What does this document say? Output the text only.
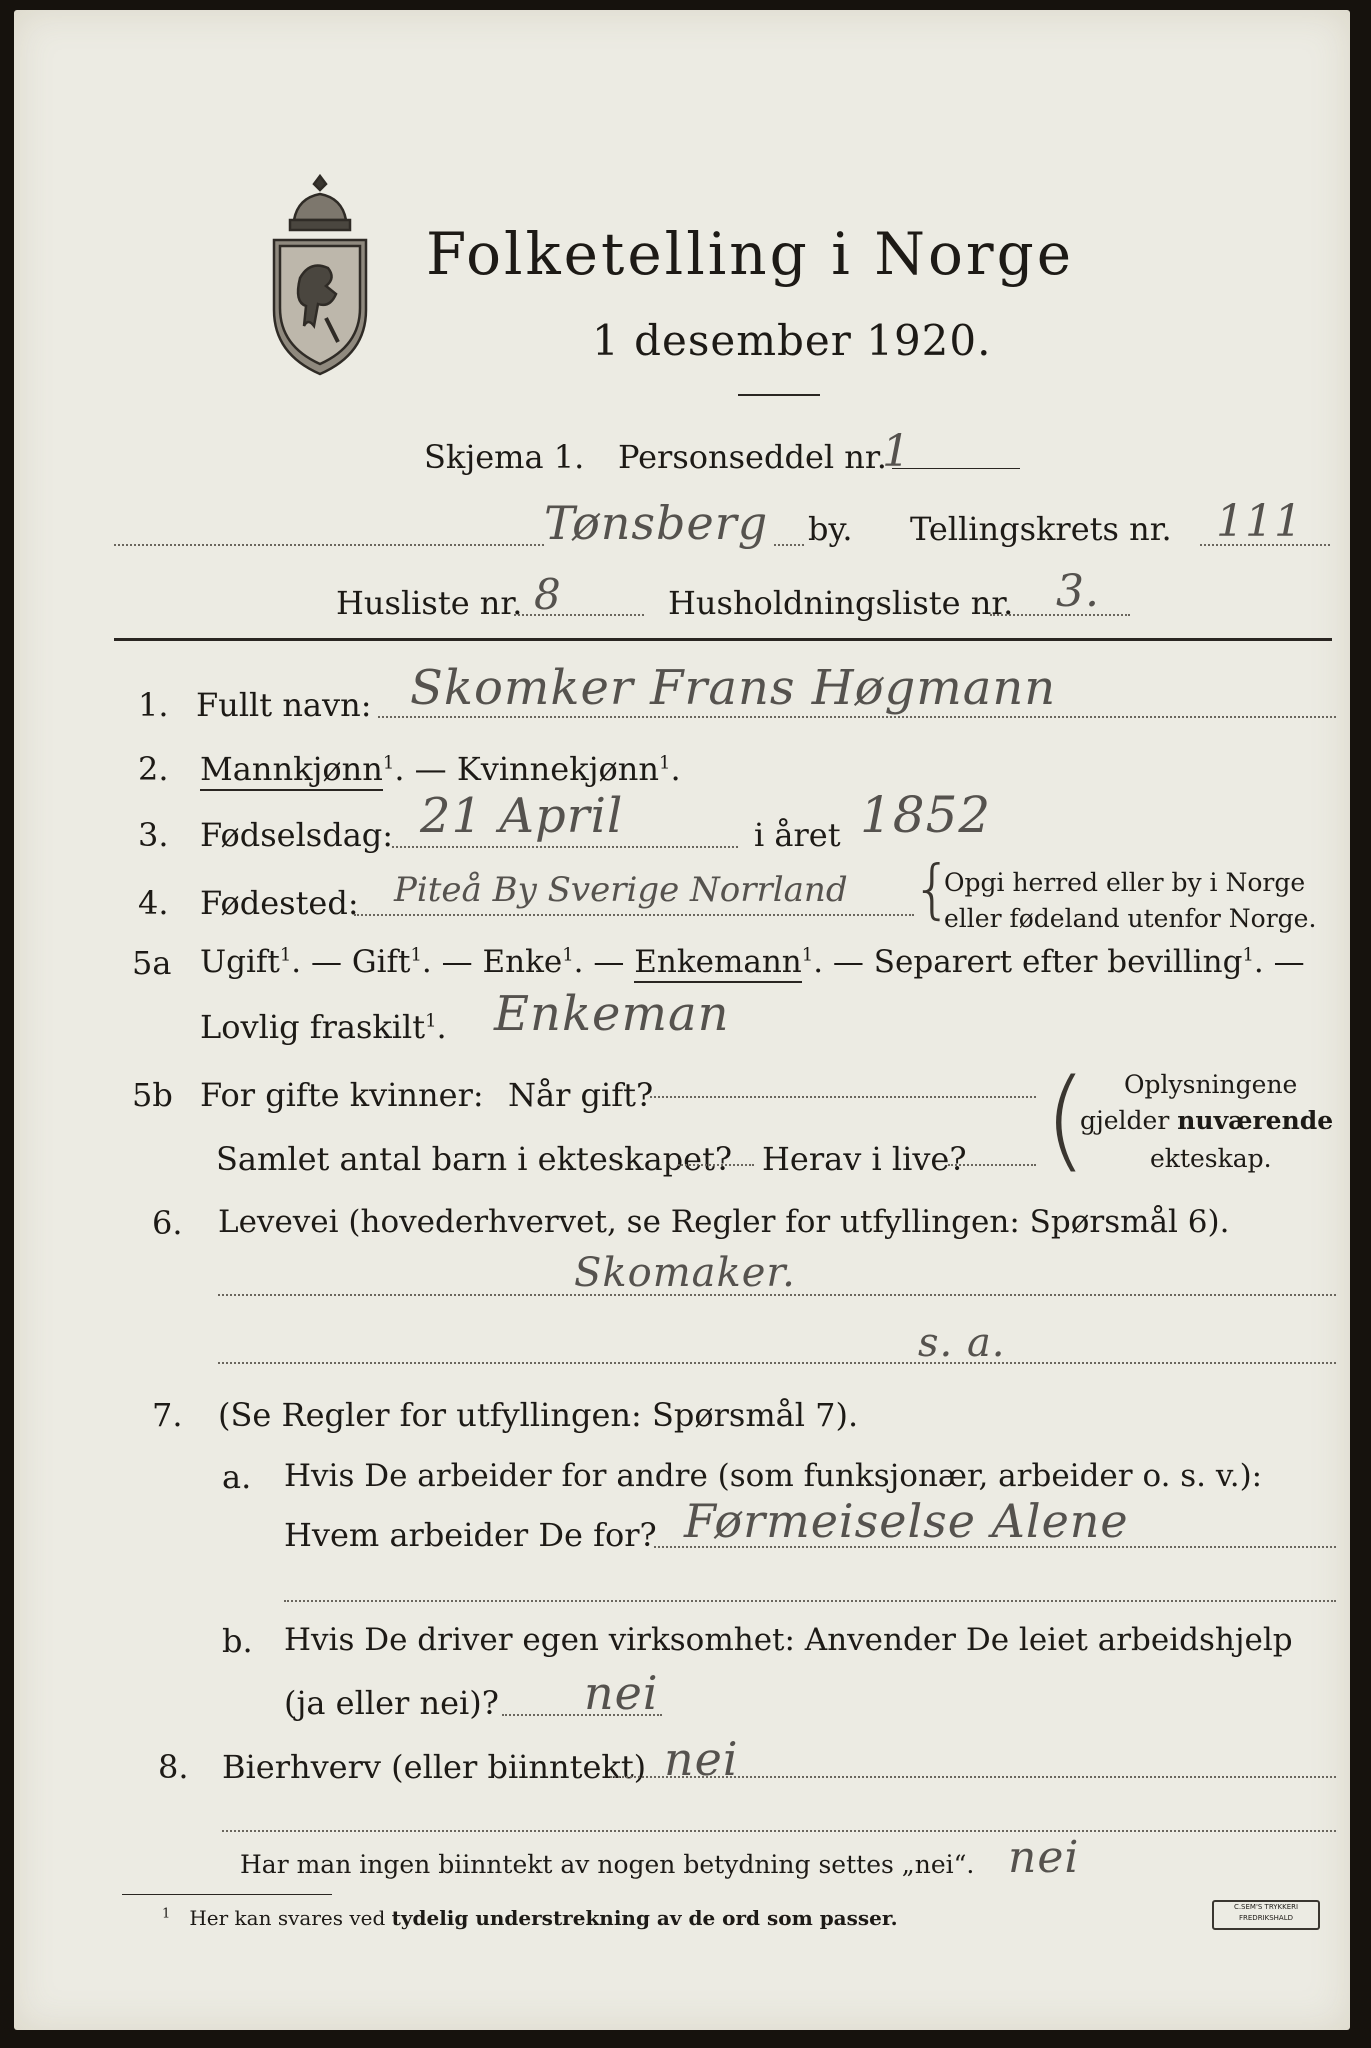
Folketelling i Norge
1 desember 1920.
Skjema 1. Personseddel nr.
1
Tønsberg by. Tellingskrets nr. 111
Husliste nr. 8	Husholdningsliste nr. 3.
1. Fullt navn: Skomker Frans Høgmann
2. Mannkjønn$^1$. — Kvinnekjønn$^1$.
3. Fødselsdag: 21 April	i året 1852
4. Fødested: Piteå By Sverige Norrland {
Opgi herred eller by i Norge
eller fødeland utenfor Norge.
5a Ugift$^1$. — Gift$^1$. — Enke$^1$. — Enkemann$^1$. — Separert efter bevilling$^1$. —
Lovlig fraskilt$^1$. Enkeman
5b For gifte kvinner: Når gift?
Samlet antal barn i ekteskapet? Herav i live? ( Oplysningene
gjelder nuværende
ekteskap.
6. Levevei (hovederhvervet, se Regler for utfyllingen: Spørsmål 6).
Skomaker.
s. a.
7. (Se Regler for utfyllingen: Spørsmål 7).
a. Hvis De arbeider for andre (som funksjonær, arbeider o. s. v.):
Hvem arbeider De for? Førmeiselse Alene
b. Hvis De driver egen virksomhet: Anvender De leiet arbeidshjelp
(ja eller nei)? nei
8. Bierhverv (eller biinntekt) nei
Har man ingen biinntekt av nogen betydning settes „nei“. nei
$^1$ Her kan svares ved tydelig understrekning av de ord som passer.	C.SEM'S TRYKKERI
FREDRIKSHALD
